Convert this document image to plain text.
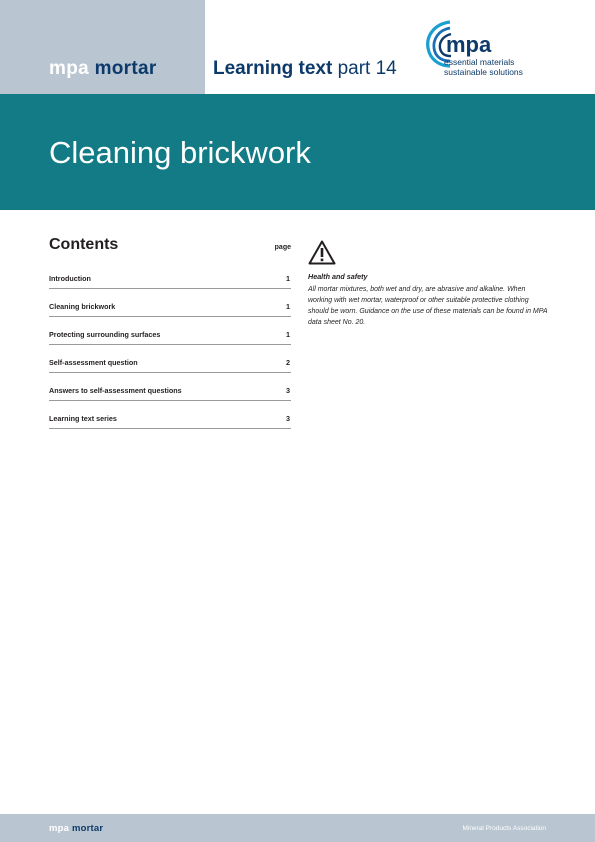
mpa mortar	Learning text part 14
mpa
essential materials
sustainable solutions
Cleaning brickwork
Contents	page
Introduction	1
Cleaning brickwork	1
Protecting surrounding surfaces	1
Self-assessment question	2
Answers to self-assessment questions	3
Learning text series	3
Health and safety
All mortar mixtures, both wet and dry, are abrasive and alkaline. When working with wet mortar, waterproof or other suitable protective clothing should be worn. Guidance on the use of these materials can be found in MPA data sheet No. 20.
mpa mortar	Mineral Products Association
